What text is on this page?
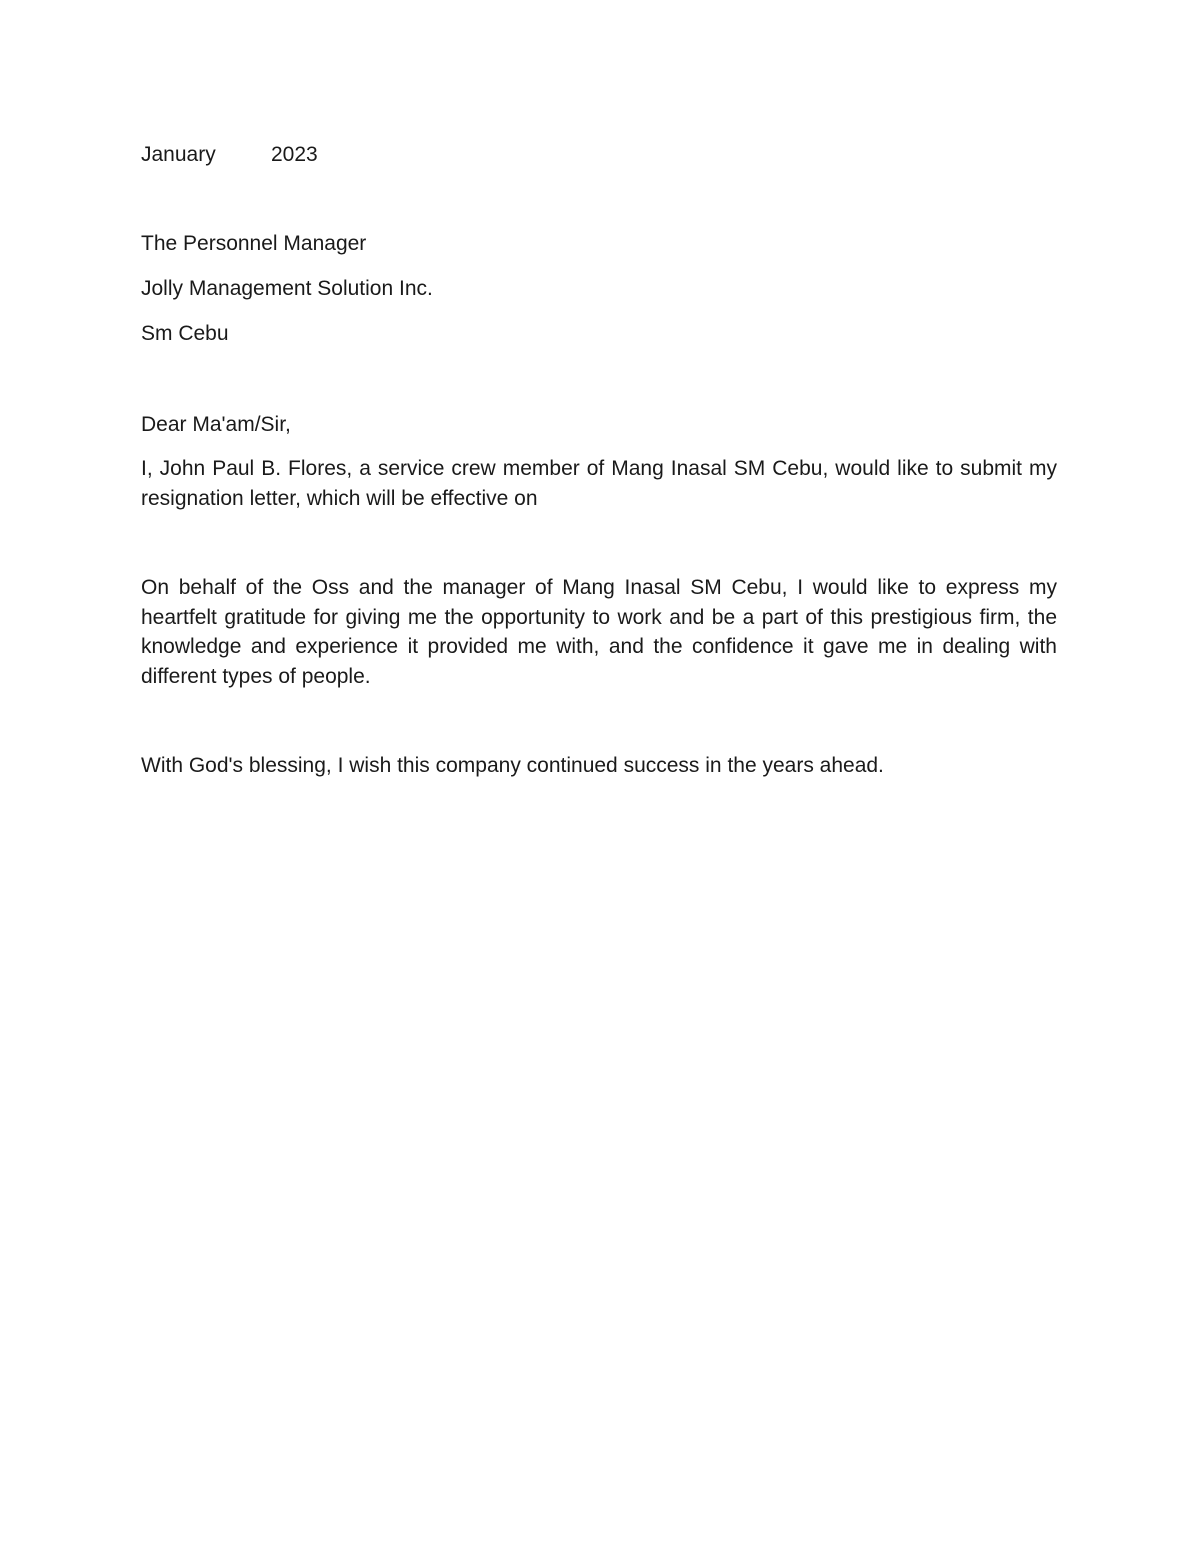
January	2023
The Personnel Manager
Jolly Management Solution Inc.
Sm Cebu
Dear Ma'am/Sir,
I, John Paul B. Flores, a service crew member of Mang Inasal SM Cebu, would like to submit my resignation letter, which will be effective on
On behalf of the Oss and the manager of Mang Inasal SM Cebu, I would like to express my heartfelt gratitude for giving me the opportunity to work and be a part of this prestigious firm, the knowledge and experience it provided me with, and the confidence it gave me in dealing with different types of people.
With God's blessing, I wish this company continued success in the years ahead.
